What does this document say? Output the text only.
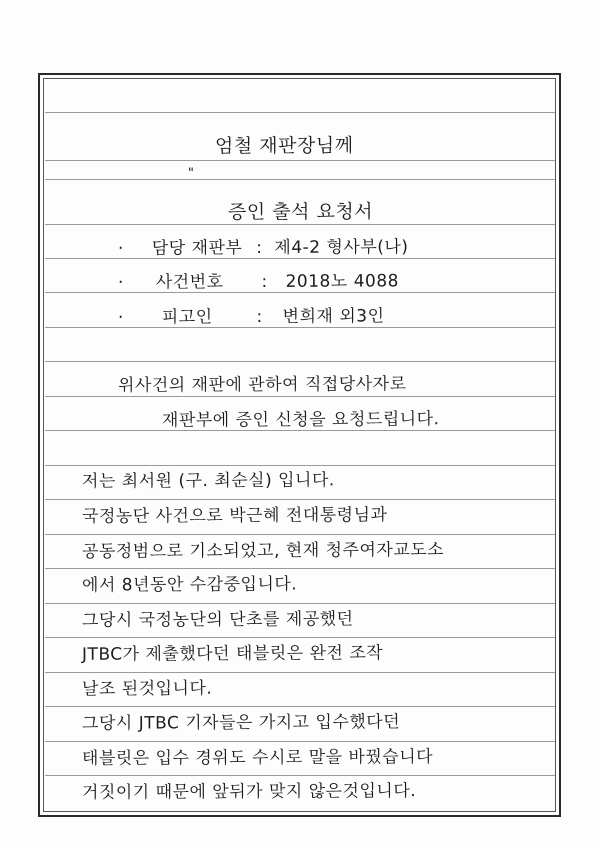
엄철 재판장님께
"
증인 출석 요청서
· 담당 재판부 : 제4-2 형사부(나)
· 사건번호 : 2018노 4088
· 피고인	: 변희재 외3인
위사건의 재판에 관하여 직접당사자로
재판부에 증인 신청을 요청드립니다.
저는 최서원 (구. 최순실) 입니다.
국정농단 사건으로 박근혜 전대통령님과
공동정범으로 기소되었고, 현재 청주여자교도소
에서 8년동안 수감중입니다.
그당시 국정농단의 단초를 제공했던
JTBC가 제출했다던 태블릿은 완전 조작
날조 된것입니다.
그당시 JTBC 기자들은 가지고 입수했다던
태블릿은 입수 경위도 수시로 말을 바꿨습니다
거짓이기 때문에 앞뒤가 맞지 않은것입니다.
